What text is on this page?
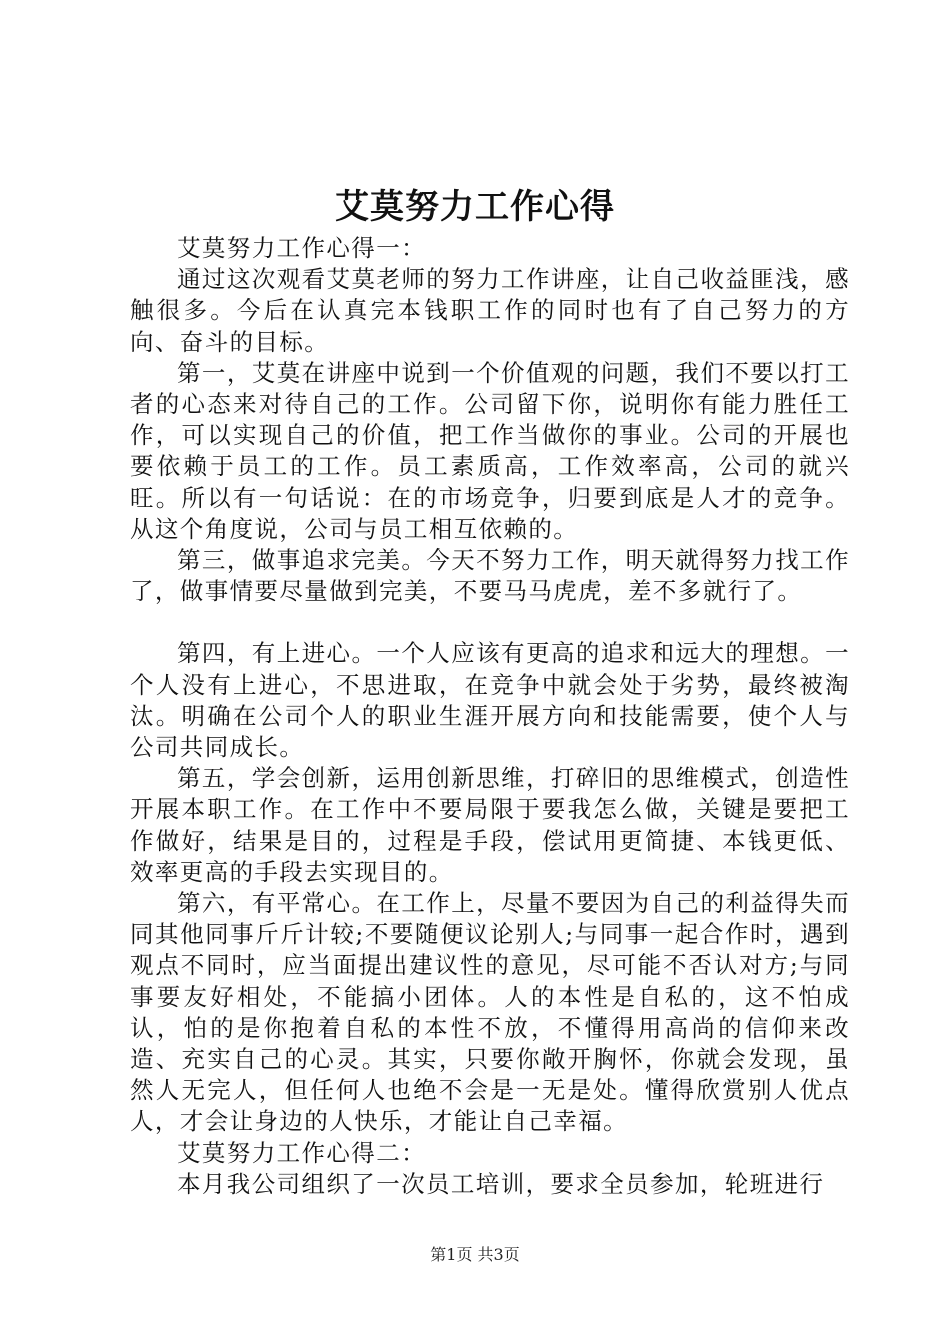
艾莫努力工作心得

艾莫努力工作心得一：

通过这次观看艾莫老师的努力工作讲座，让自己收益匪浅，感触很多。今后在认真完本钱职工作的同时也有了自己努力的方向、奋斗的目标。

第一，艾莫在讲座中说到一个价值观的问题，我们不要以打工者的心态来对待自己的工作。公司留下你，说明你有能力胜任工作，可以实现自己的价值，把工作当做你的事业。公司的开展也要依赖于员工的工作。员工素质高，工作效率高，公司的就兴旺。所以有一句话说：在的市场竞争，归要到底是人才的竞争。从这个角度说，公司与员工相互依赖的。

第三，做事追求完美。今天不努力工作，明天就得努力找工作了，做事情要尽量做到完美，不要马马虎虎，差不多就行了。

第四，有上进心。一个人应该有更高的追求和远大的理想。一个人没有上进心，不思进取，在竞争中就会处于劣势，最终被淘汰。明确在公司个人的职业生涯开展方向和技能需要，使个人与公司共同成长。

第五，学会创新，运用创新思维，打碎旧的思维模式，创造性开展本职工作。在工作中不要局限于要我怎么做，关键是要把工作做好，结果是目的，过程是手段，偿试用更简捷、本钱更低、效率更高的手段去实现目的。

第六，有平常心。在工作上，尽量不要因为自己的利益得失而同其他同事斤斤计较;不要随便议论别人;与同事一起合作时，遇到观点不同时，应当面提出建议性的意见，尽可能不否认对方;与同事要友好相处，不能搞小团体。人的本性是自私的，这不怕成认，怕的是你抱着自私的本性不放，不懂得用高尚的信仰来改造、充实自己的心灵。其实，只要你敞开胸怀，你就会发现，虽然人无完人，但任何人也绝不会是一无是处。懂得欣赏别人优点人，才会让身边的人快乐，才能让自己幸福。

艾莫努力工作心得二：

本月我公司组织了一次员工培训，要求全员参加，轮班进行

第1页 共3页
